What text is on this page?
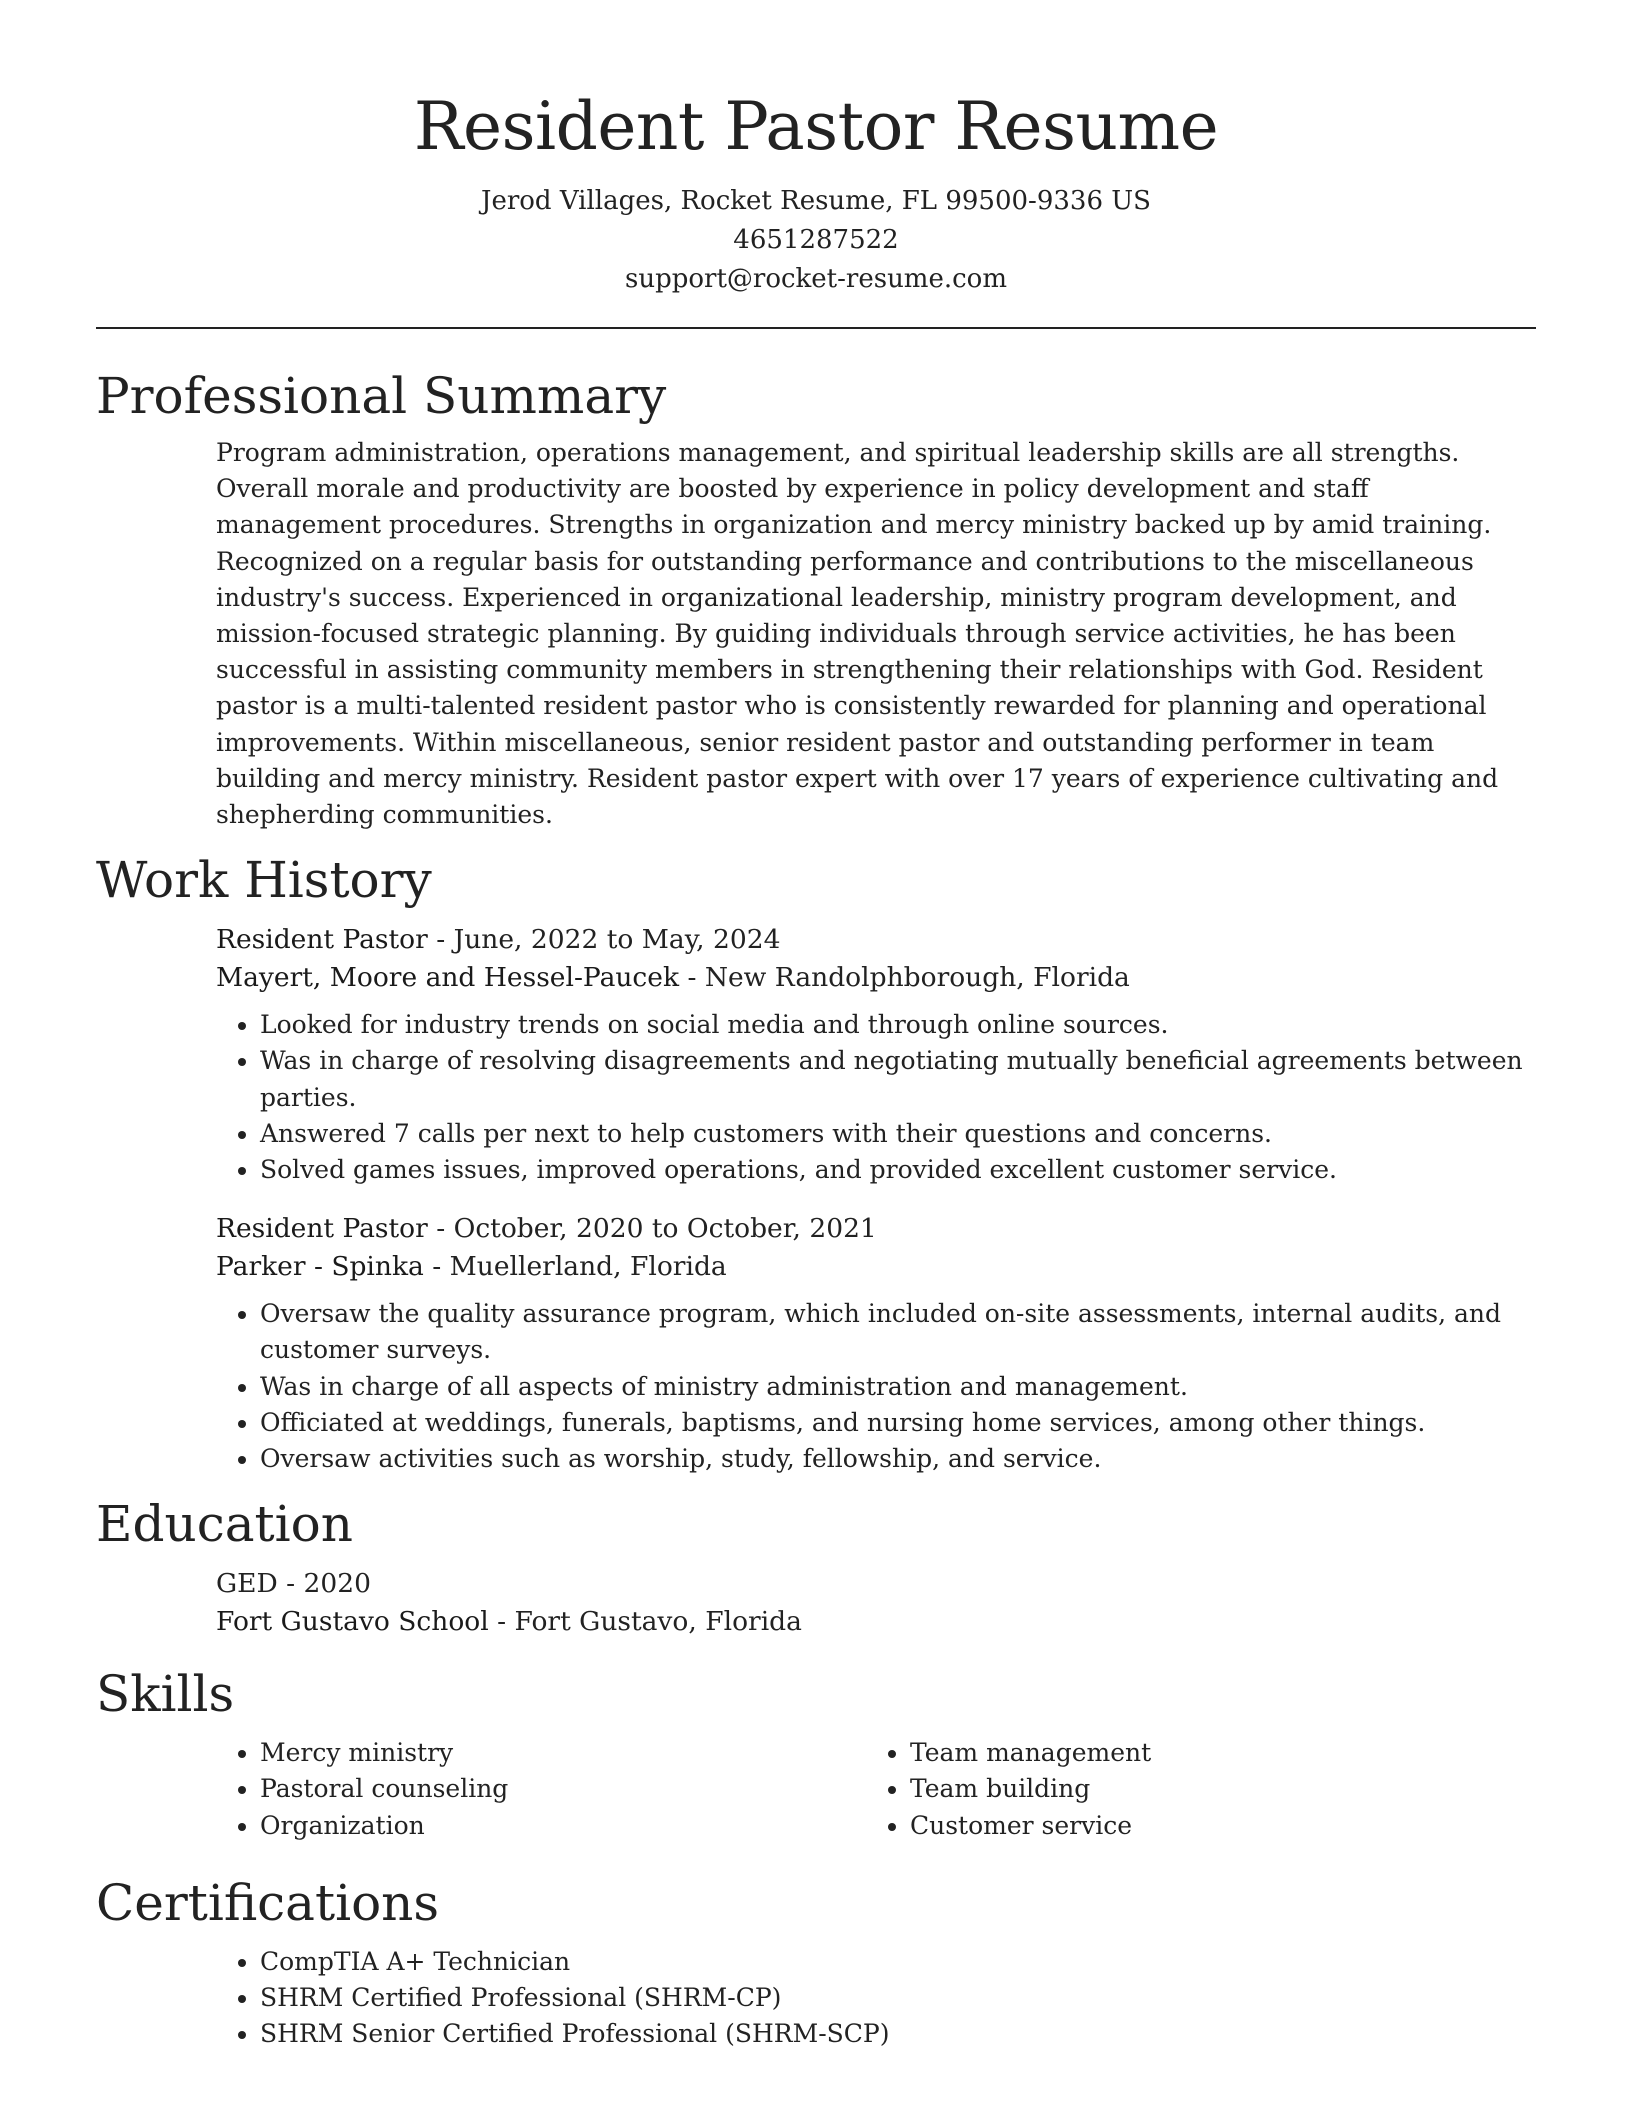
Resident Pastor Resume
Jerod Villages, Rocket Resume, FL 99500-9336 US
4651287522
support@rocket-resume.com
Professional Summary

Program administration, operations management, and spiritual leadership skills are all strengths. Overall morale and productivity are boosted by experience in policy development and staff management procedures. Strengths in organization and mercy ministry backed up by amid training. Recognized on a regular basis for outstanding performance and contributions to the miscellaneous industry's success. Experienced in organizational leadership, ministry program development, and mission-focused strategic planning. By guiding individuals through service activities, he has been successful in assisting community members in strengthening their relationships with God. Resident pastor is a multi-talented resident pastor who is consistently rewarded for planning and operational improvements. Within miscellaneous, senior resident pastor and outstanding performer in team building and mercy ministry. Resident pastor expert with over 17 years of experience cultivating and shepherding communities.

Work History
Resident Pastor - June, 2022 to May, 2024
Mayert, Moore and Hessel-Paucek - New Randolphborough, Florida
• Looked for industry trends on social media and through online sources.
• Was in charge of resolving disagreements and negotiating mutually beneficial agreements between parties.
• Answered 7 calls per next to help customers with their questions and concerns.
• Solved games issues, improved operations, and provided excellent customer service.
Resident Pastor - October, 2020 to October, 2021
Parker - Spinka - Muellerland, Florida
• Oversaw the quality assurance program, which included on-site assessments, internal audits, and customer surveys.
• Was in charge of all aspects of ministry administration and management.
• Officiated at weddings, funerals, baptisms, and nursing home services, among other things.
• Oversaw activities such as worship, study, fellowship, and service.
Education
GED - 2020
Fort Gustavo School - Fort Gustavo, Florida
Skills
• Mercy ministry
• Pastoral counseling
• Organization
• Team management
• Team building
• Customer service
Certifications
• CompTIA A+ Technician
• SHRM Certified Professional (SHRM-CP)
• SHRM Senior Certified Professional (SHRM-SCP)
